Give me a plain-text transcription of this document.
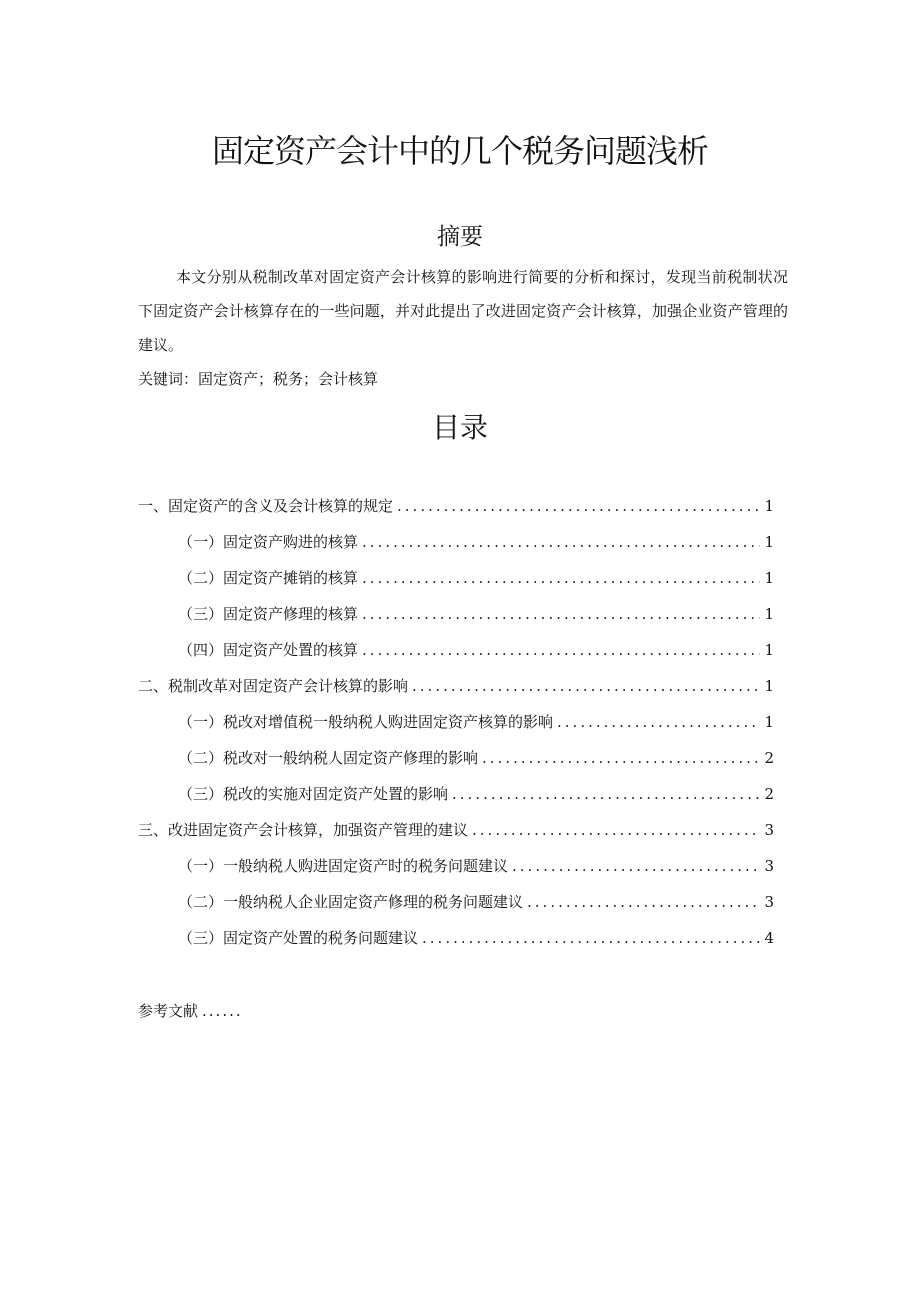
固定资产会计中的几个税务问题浅析
摘要

本文分别从税制改革对固定资产会计核算的影响进行简要的分析和探讨，发现当前税制状况下固定资产会计核算存在的一些问题，并对此提出了改进固定资产会计核算，加强企业资产管理的建议。

关键词：固定资产；税务；会计核算
目录
一、固定资产的含义及会计核算的规定 .....	1
（一）固定资产购进的核算 .....	1
（二）固定资产摊销的核算 .....	1
（三）固定资产修理的核算 .....	1
（四）固定资产处置的核算 .....	1
二、税制改革对固定资产会计核算的影响 .....	1
（一）税改对增值税一般纳税人购进固定资产核算的影响 .....	1
（二）税改对一般纳税人固定资产修理的影响 .....	2
（三）税改的实施对固定资产处置的影响 .....	2
三、改进固定资产会计核算，加强资产管理的建议 .....	3
（一）一般纳税人购进固定资产时的税务问题建议 .....	3
（二）一般纳税人企业固定资产修理的税务问题建议 .....	3
（三）固定资产处置的税务问题建议 .....	4
参考文献 ......
